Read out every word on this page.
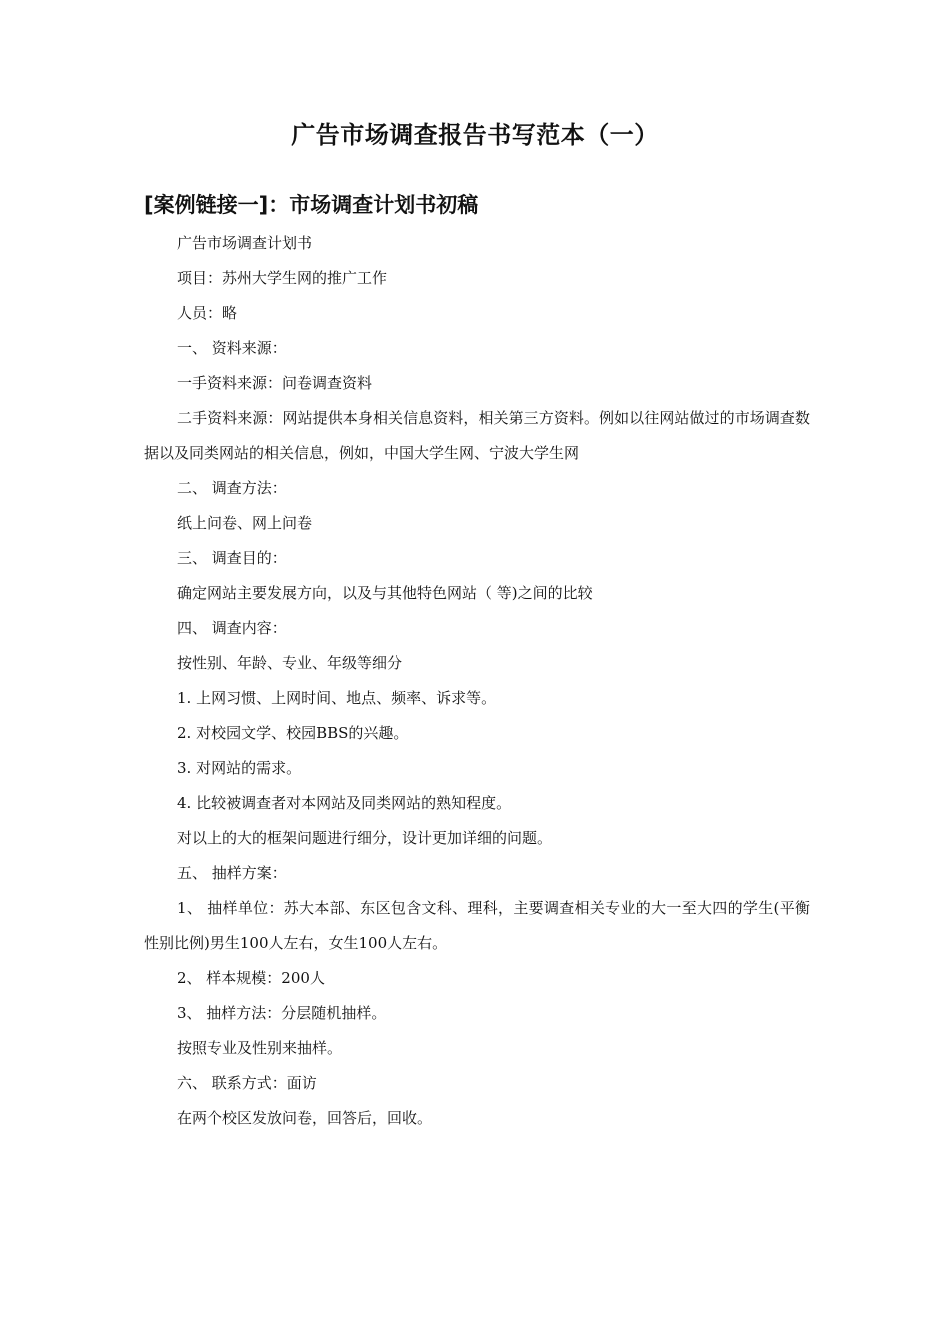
广告市场调查报告书写范本（一）
[案例链接一]：市场调查计划书初稿

广告市场调查计划书

项目：苏州大学生网的推广工作

人员：略

一、 资料来源：

一手资料来源：问卷调查资料

二手资料来源：网站提供本身相关信息资料，相关第三方资料。例如以往网站做过的市场调查数据以及同类网站的相关信息，例如，中国大学生网、宁波大学生网

二、 调查方法：

纸上问卷、网上问卷

三、 调查目的：

确定网站主要发展方向，以及与其他特色网站（ 等)之间的比较

四、 调查内容：

按性别、年龄、专业、年级等细分

1. 上网习惯、上网时间、地点、频率、诉求等。

2. 对校园文学、校园BBS的兴趣。

3. 对网站的需求。

4. 比较被调查者对本网站及同类网站的熟知程度。

对以上的大的框架问题进行细分，设计更加详细的问题。

五、 抽样方案：

1、 抽样单位：苏大本部、东区包含文科、理科，主要调查相关专业的大一至大四的学生(平衡性别比例)男生100人左右，女生100人左右。

2、 样本规模：200人

3、 抽样方法：分层随机抽样。

按照专业及性别来抽样。

六、 联系方式：面访

在两个校区发放问卷，回答后，回收。
